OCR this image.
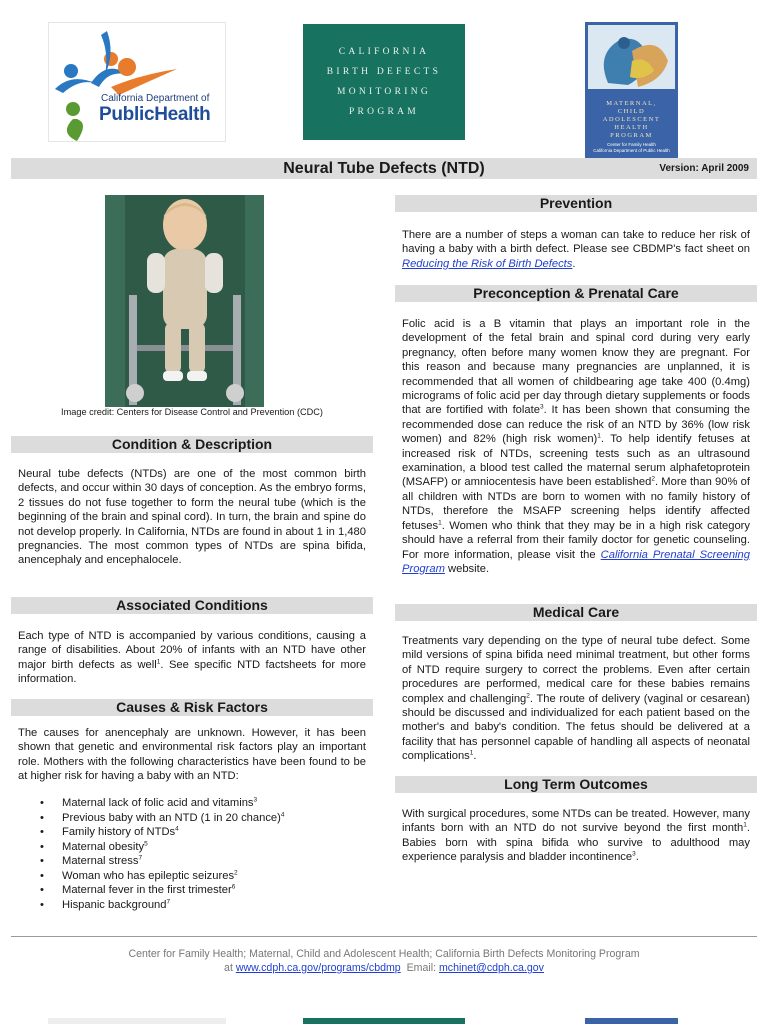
California Department of
PublicHealth
CALIFORNIA
BIRTH DEFECTS
MONITORING
PROGRAM
MATERNAL,
CHILD
ADOLESCENT
HEALTH
PROGRAM
Center for Family Health
California Department of Public Health
Neural Tube Defects (NTD)	Version: April 2009
Image credit: Centers for Disease Control and Prevention (CDC)
Condition & Description
Neural tube defects (NTDs) are one of the most common birth defects, and occur within 30 days of conception. As the embryo forms, 2 tissues do not fuse together to form the neural tube (which is the beginning of the brain and spinal cord). In turn, the brain and spine do not develop properly. In California, NTDs are found in about 1 in 1,480 pregnancies. The most common types of NTDs are spina bifida, anencephaly and encephalocele.
Associated Conditions
Each type of NTD is accompanied by various conditions, causing a range of disabilities. About 20% of infants with an NTD have other major birth defects as well$^1$. See specific NTD factsheets for more information.
Causes & Risk Factors
The causes for anencephaly are unknown. However, it has been shown that genetic and environmental risk factors play an important role. Mothers with the following characteristics have been found to be at higher risk for having a baby with an NTD:
• Maternal lack of folic acid and vitamins$^3$
• Previous baby with an NTD (1 in 20 chance)$^4$
• Family history of NTDs$^4$
• Maternal obesity$^5$
• Maternal stress$^7$
• Woman who has epileptic seizures$^2$
• Maternal fever in the first trimester$^6$
• Hispanic background$^7$
Prevention
There are a number of steps a woman can take to reduce her risk of having a baby with a birth defect. Please see CBDMP's fact sheet on Reducing the Risk of Birth Defects.
Preconception & Prenatal Care
Folic acid is a B vitamin that plays an important role in the development of the fetal brain and spinal cord during very early pregnancy, often before many women know they are pregnant. For this reason and because many pregnancies are unplanned, it is recommended that all women of childbearing age take 400 (0.4mg) micrograms of folic acid per day through dietary supplements or foods that are fortified with folate$^3$. It has been shown that consuming the recommended dose can reduce the risk of an NTD by 36% (low risk women) and 82% (high risk women)$^1$. To help identify fetuses at increased risk of NTDs, screening tests such as an ultrasound examination, a blood test called the maternal serum alphafetoprotein (MSAFP) or amniocentesis have been established$^2$. More than 90% of all children with NTDs are born to women with no family history of NTDs, therefore the MSAFP screening helps identify affected fetuses$^1$. Women who think that they may be in a high risk category should have a referral from their family doctor for genetic counseling. For more information, please visit the California Prenatal Screening Program website.
Medical Care
Treatments vary depending on the type of neural tube defect. Some mild versions of spina bifida need minimal treatment, but other forms of NTD require surgery to correct the problems. Even after certain procedures are performed, medical care for these babies remains complex and challenging$^2$. The route of delivery (vaginal or cesarean) should be discussed and individualized for each patient based on the mother's and baby's condition. The fetus should be delivered at a facility that has personnel capable of handling all aspects of neonatal complications$^1$.
Long Term Outcomes
With surgical procedures, some NTDs can be treated. However, many infants born with an NTD do not survive beyond the first month$^1$. Babies born with spina bifida who survive to adulthood may experience paralysis and bladder incontinence$^3$.
Center for Family Health; Maternal, Child and Adolescent Health; California Birth Defects Monitoring Program
at www.cdph.ca.gov/programs/cbdmp  Email: mchinet@cdph.ca.gov
